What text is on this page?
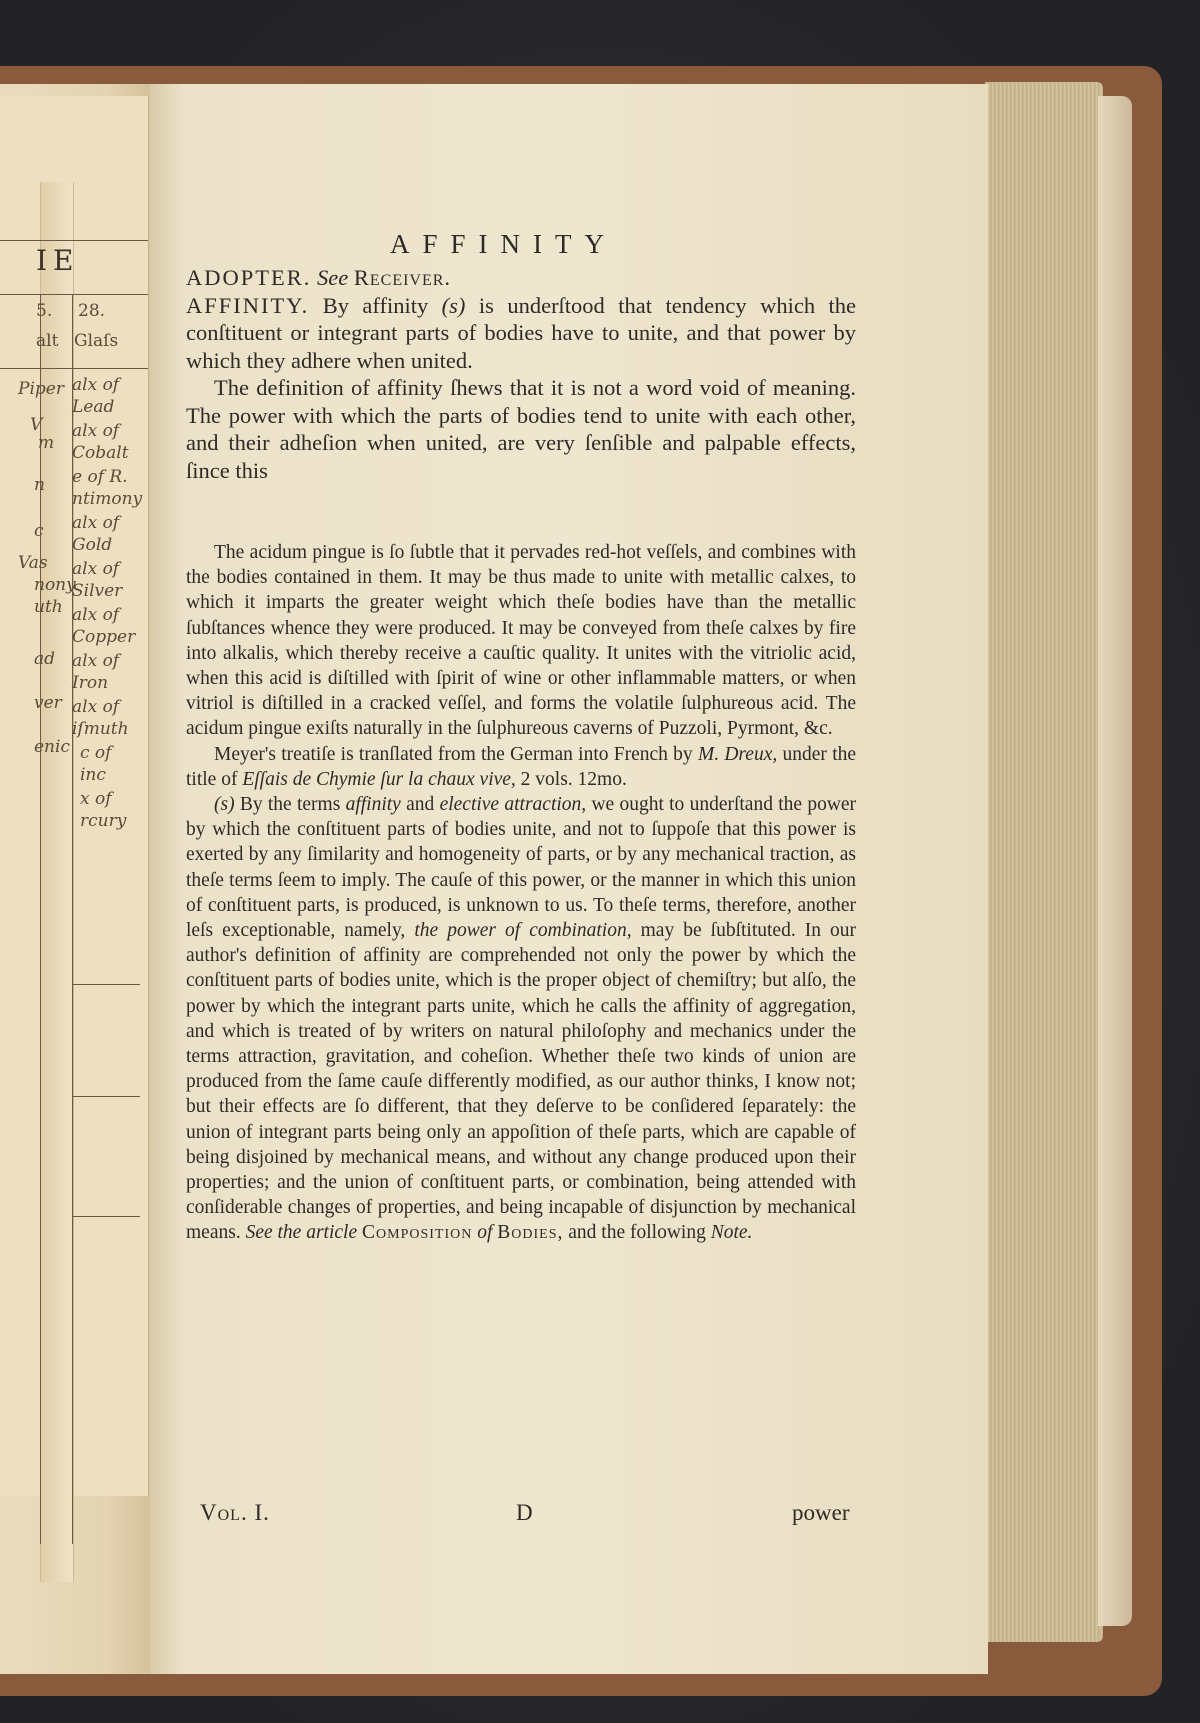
IE
5. 28.
alt Glaſs
Piper
V
m
n
c
Vas
nony
uth
ad
ver
enic
alx of
Lead
alx of
Cobalt
e of R.
ntimony
alx of
Gold
alx of
Silver
alx of
Copper
alx of
Iron
alx of
iſmuth
c of
inc
x of
rcury
AFFINITY

ADOPTER. See Receiver.

AFFINITY. By affinity (s) is underſtood that tendency which the conſtituent or integrant parts of bodies have to unite, and that power by which they adhere when united.

The definition of affinity ſhews that it is not a word void of meaning. The power with which the parts of bodies tend to unite with each other, and their adheſion when united, are very ſenſible and palpable effects, ſince this

The acidum pingue is ſo ſubtle that it pervades red-hot veſſels, and combines with the bodies contained in them. It may be thus made to unite with metallic calxes, to which it imparts the greater weight which theſe bodies have than the metallic ſubſtances whence they were produced. It may be conveyed from theſe calxes by fire into alkalis, which thereby receive a cauſtic quality. It unites with the vitriolic acid, when this acid is diſtilled with ſpirit of wine or other inflammable matters, or when vitriol is diſtilled in a cracked veſſel, and forms the volatile ſulphureous acid. The acidum pingue exiſts naturally in the ſulphureous caverns of Puzzoli, Pyrmont, &c.

Meyer's treatiſe is tranſlated from the German into French by M. Dreux, under the title of Eſſais de Chymie ſur la chaux vive, 2 vols. 12mo.

(s) By the terms affinity and elective attraction, we ought to underſtand the power by which the conſtituent parts of bodies unite, and not to ſuppoſe that this power is exerted by any ſimilarity and homogeneity of parts, or by any mechanical traction, as theſe terms ſeem to imply. The cauſe of this power, or the manner in which this union of conſtituent parts, is produced, is unknown to us. To theſe terms, therefore, another leſs exceptionable, namely, the power of combination, may be ſubſtituted. In our author's definition of affinity are comprehended not only the power by which the conſtituent parts of bodies unite, which is the proper object of chemiſtry; but alſo, the power by which the integrant parts unite, which he calls the affinity of aggregation, and which is treated of by writers on natural philoſophy and mechanics under the terms attraction, gravitation, and coheſion. Whether theſe two kinds of union are produced from the ſame cauſe differently modified, as our author thinks, I know not; but their effects are ſo different, that they deſerve to be conſidered ſeparately: the union of integrant parts being only an appoſition of theſe parts, which are capable of being disjoined by mechanical means, and without any change produced upon their properties; and the union of conſtituent parts, or combination, being attended with conſiderable changes of properties, and being incapable of disjunction by mechanical means. See the article Composition of Bodies, and the following Note.

Vol. I.	D	power
